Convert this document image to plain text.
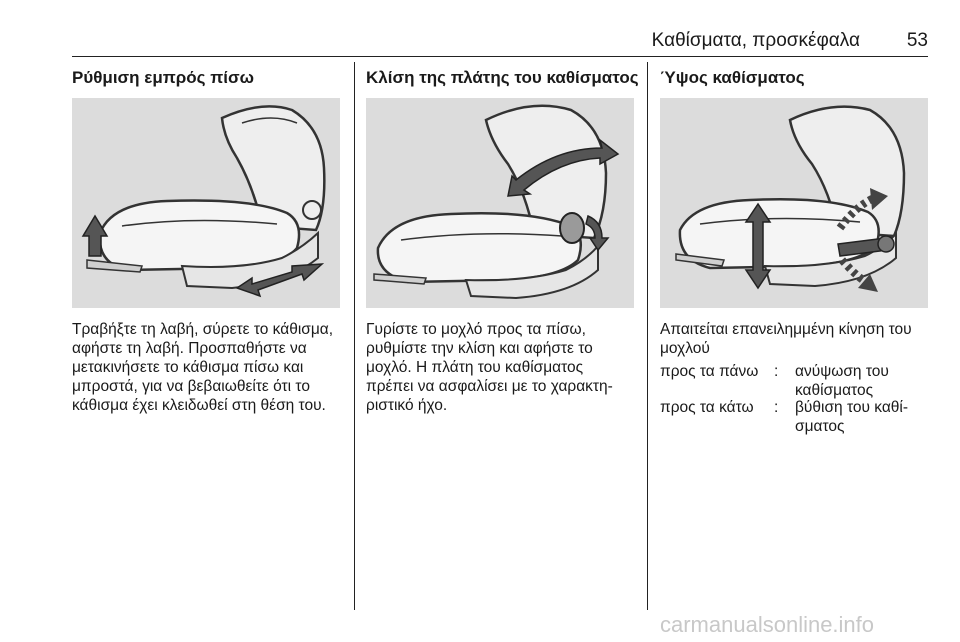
Καθίσματα, προσκέφαλα	53
Ρύθμιση εμπρός πίσω
Τραβήξτε τη λαβή, σύρετε το κάθισμα,
αφήστε τη λαβή. Προσπαθήστε να
μετακινήσετε το κάθισμα πίσω και
μπροστά, για να βεβαιωθείτε ότι το
κάθισμα έχει κλειδωθεί στη θέση του.
Κλίση της πλάτης του καθίσματος
Γυρίστε το μοχλό προς τα πίσω,
ρυθμίστε την κλίση και αφήστε το
μοχλό. Η πλάτη του καθίσματος
πρέπει να ασφαλίσει με το χαρακτη-
ριστικό ήχο.
Ύψος καθίσματος
Απαιτείται επανειλημμένη κίνηση του
μοχλού
προς τα πάνω : ανύψωση του
καθίσματος
προς τα κάτω : βύθιση του καθί-
σματος
carmanualsonline.info
